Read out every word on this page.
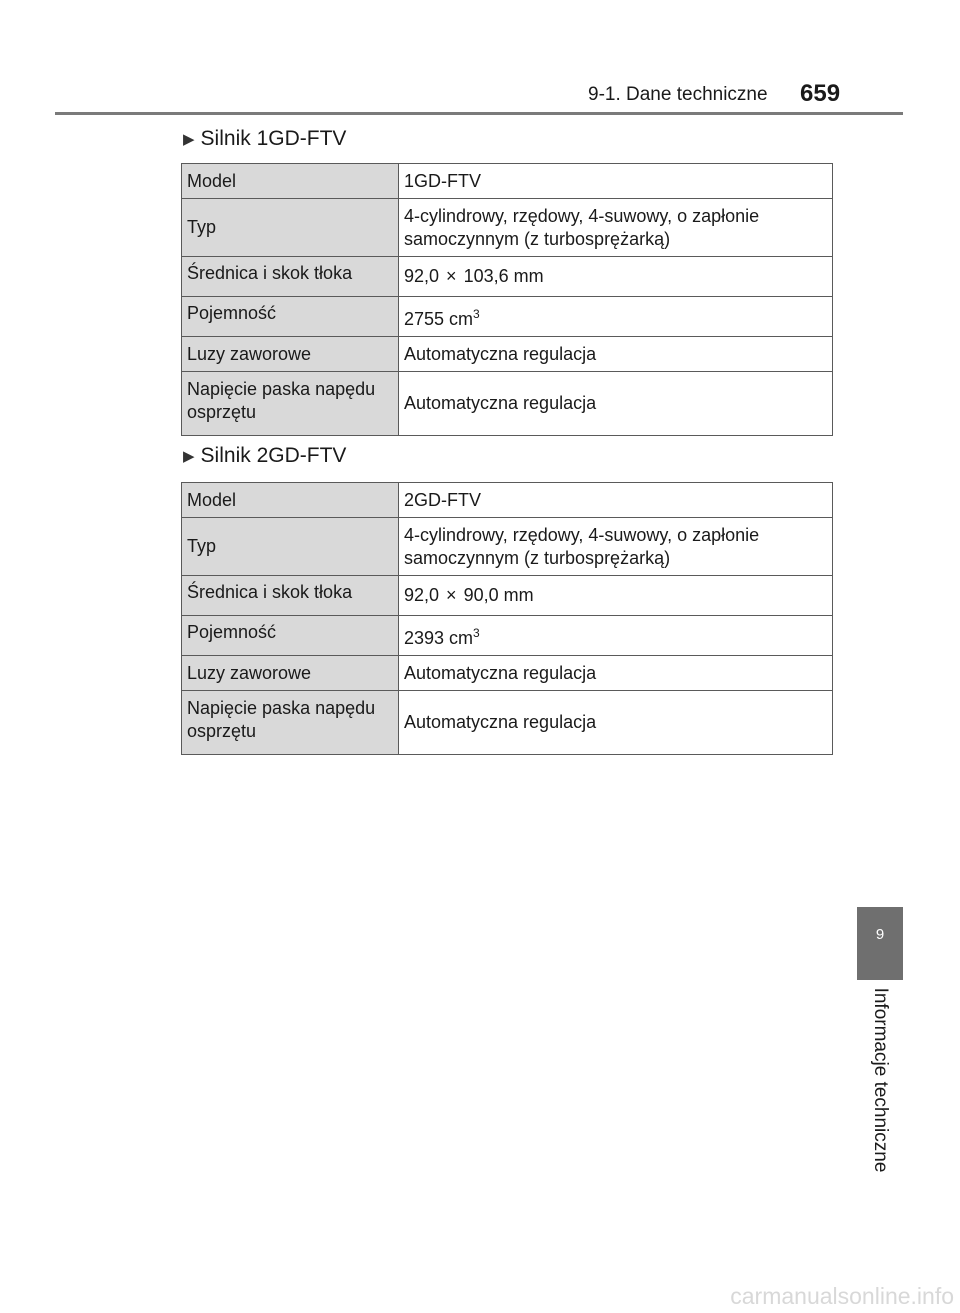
9-1. Dane techniczne 659
▶ Silnik 1GD-FTV
Model	1GD-FTV
Typ	4-cylindrowy, rzędowy, 4-suwowy, o zapłonie
samoczynnym (z turbosprężarką)
Średnica i skok tłoka	92,0 × 103,6 mm
Pojemność	2755 $cm^3$
Luzy zaworowe	Automatyczna regulacja
Napięcie paska napędu
osprzętu	Automatyczna regulacja
▶ Silnik 2GD-FTV
Model	2GD-FTV
Typ	4-cylindrowy, rzędowy, 4-suwowy, o zapłonie
samoczynnym (z turbosprężarką)
Średnica i skok tłoka	92,0 × 90,0 mm
Pojemność	2393 $cm^3$
Luzy zaworowe	Automatyczna regulacja
Napięcie paska napędu
osprzętu	Automatyczna regulacja
9
Informacje techniczne
carmanualsonline.info
